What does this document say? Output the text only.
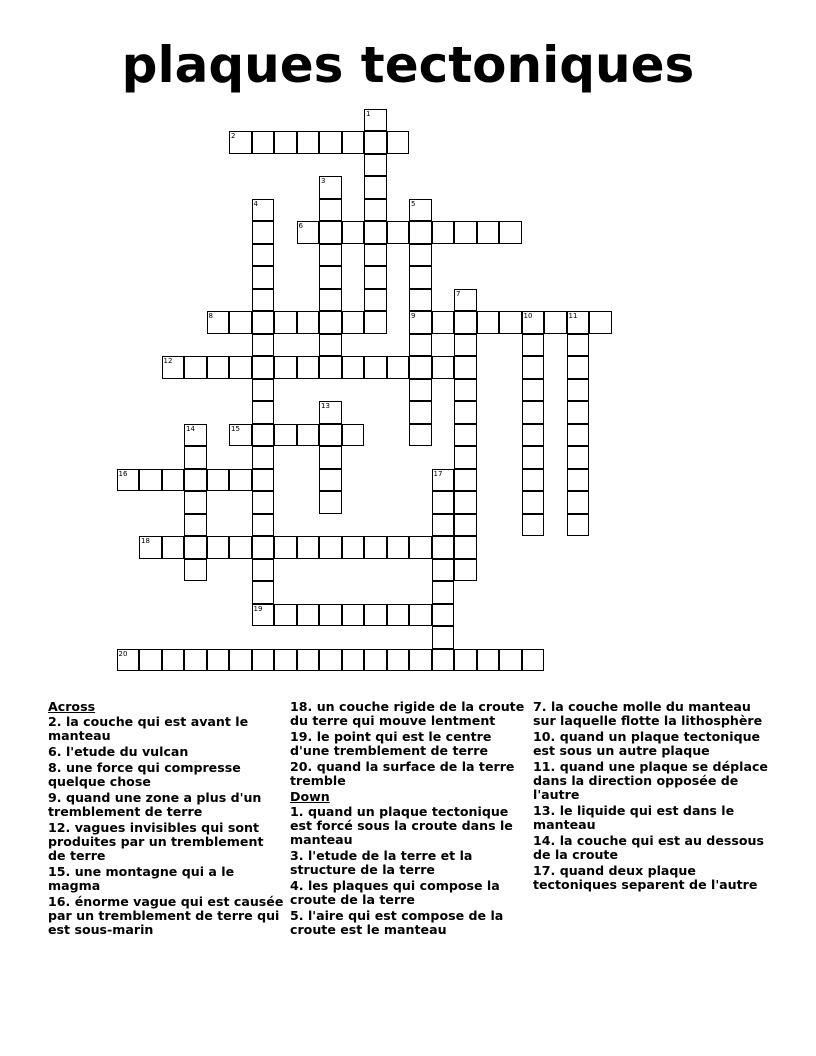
plaques tectoniques
1
2
3
4	5
6
7
8	9	10	11
12
13
14	15
16	17
18
19
20
Across
2. la couche qui est avant le manteau
6. l'etude du vulcan
8. une force qui compresse quelque chose
9. quand une zone a plus d'un tremblement de terre
12. vagues invisibles qui sont produites par un tremblement de terre
15. une montagne qui a le magma
16. énorme vague qui est causée par un tremblement de terre qui est sous-marin
18. un couche rigide de la croute du terre qui mouve lentment
19. le point qui est le centre d'une tremblement de terre
20. quand la surface de la terre tremble
Down
1. quand un plaque tectonique est forcé sous la croute dans le manteau
3. l'etude de la terre et la structure de la terre
4. les plaques qui compose la croute de la terre
5. l'aire qui est compose de la croute est le manteau
7. la couche molle du manteau sur laquelle flotte la lithosphère
10. quand un plaque tectonique est sous un autre plaque
11. quand une plaque se déplace dans la direction opposée de l'autre
13. le liquide qui est dans le manteau
14. la couche qui est au dessous de la croute
17. quand deux plaque tectoniques separent de l'autre
